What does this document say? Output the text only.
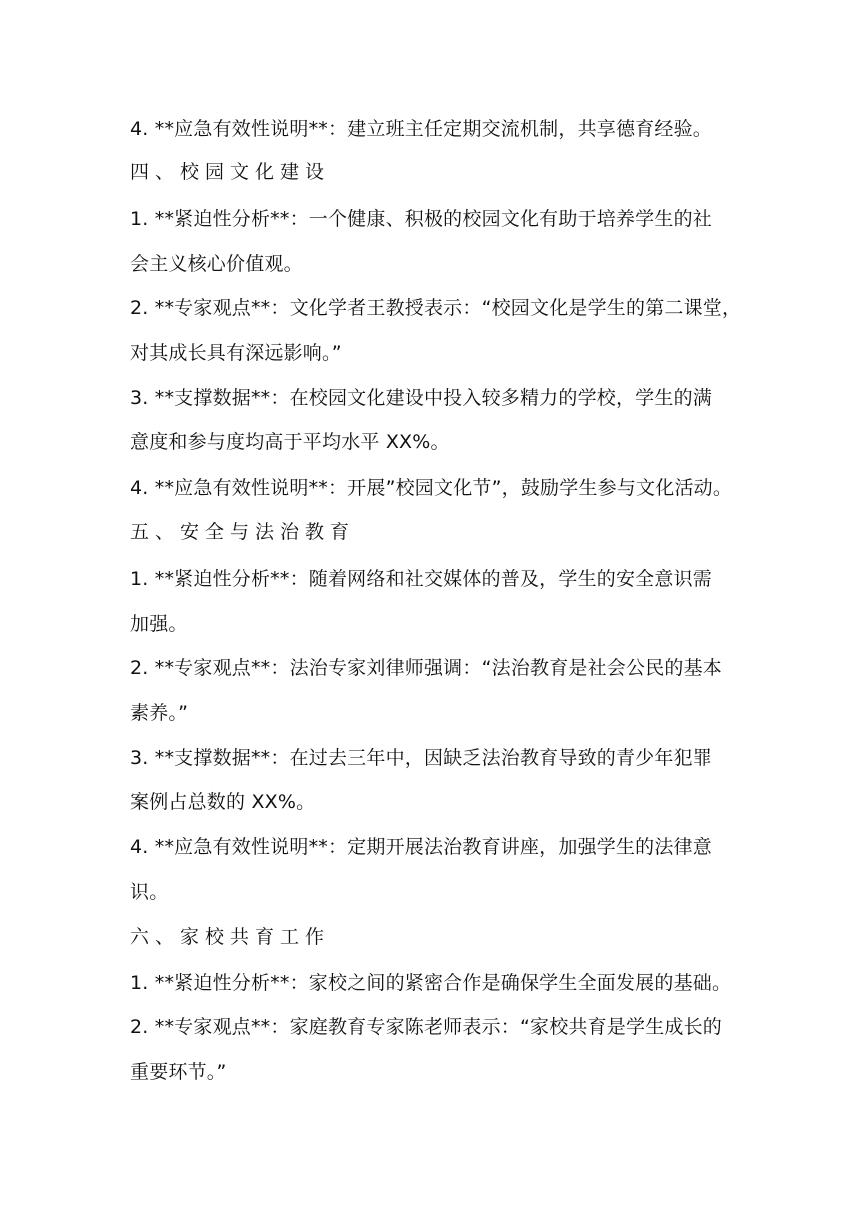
4. **应急有效性说明**：建立班主任定期交流机制，共享德育经验。
四、校园文化建设
1. **紧迫性分析**：一个健康、积极的校园文化有助于培养学生的社
会主义核心价值观。
2. **专家观点**：文化学者王教授表示：“校园文化是学生的第二课堂，
对其成长具有深远影响。”
3. **支撑数据**：在校园文化建设中投入较多精力的学校，学生的满
意度和参与度均高于平均水平 XX%。
4. **应急有效性说明**：开展”校园文化节”，鼓励学生参与文化活动。
五、安全与法治教育
1. **紧迫性分析**：随着网络和社交媒体的普及，学生的安全意识需
加强。
2. **专家观点**：法治专家刘律师强调：“法治教育是社会公民的基本
素养。”
3. **支撑数据**：在过去三年中，因缺乏法治教育导致的青少年犯罪
案例占总数的 XX%。
4. **应急有效性说明**：定期开展法治教育讲座，加强学生的法律意
识。
六、家校共育工作
1. **紧迫性分析**：家校之间的紧密合作是确保学生全面发展的基础。
2. **专家观点**：家庭教育专家陈老师表示：“家校共育是学生成长的
重要环节。”
